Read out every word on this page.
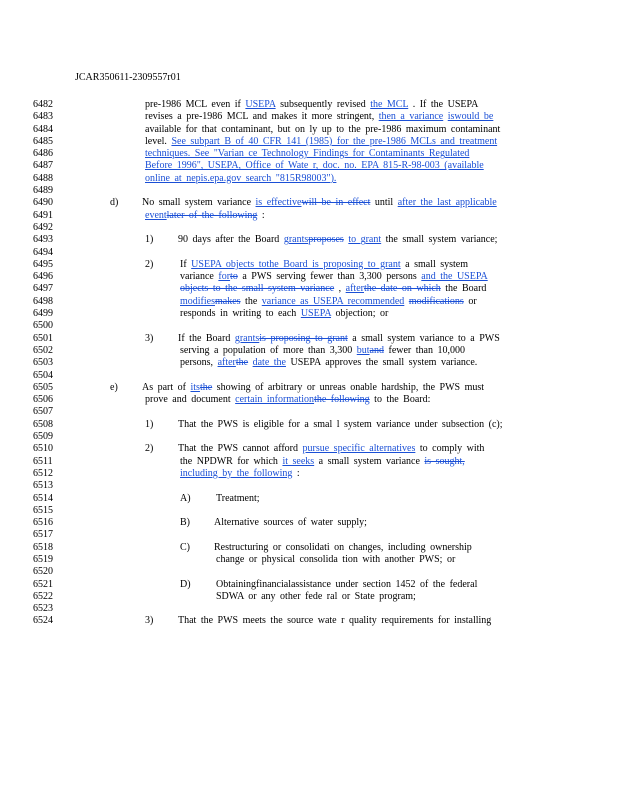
JCAR350611-2309557r01
6482	pre-1986 MCL even if USEPA subsequently revised the MCL . If the USEPA
6483	revises a pre-1986 MCL and makes it more stringent, then a variance iswould be
6484	available for that contaminant, but on ly up to the pre-1986 maximum contaminant
6485	level. See subpart B of 40 CFR 141 (1985) for the pre-1986 MCLs and treatment
6486	techniques. See "Varian ce Technology Findings for Contaminants Regulated
6487	Before 1996", USEPA, Office of Wate r, doc. no. EPA 815-R-98-003 (available
6488	online at nepis.epa.gov search "815R98003").
6489
6490	d) No small system variance is effectivewill be in effect until after the last applicable
6491	eventlater of the following :
6492
6493	1) 90 days after the Board grantsproposes to grant the small system variance;
6494
6495	2)	If USEPA objects tothe Board is proposing to grant a small system
6496	variance forto a PWS serving fewer than 3,300 persons and the USEPA
6497	objects to the small system variance , afterthe date on which the Board
6498	modifiesmakes the variance as USEPA recommended modifications or
6499	responds in writing to each USEPA objection; or
6500
6501	3) If the Board grantsis proposing to grant a small system variance to a PWS
6502	serving a population of more than 3,300 butand fewer than 10,000
6503	persons, afterthe date the USEPA approves the small system variance.
6504
6505	e) As part of itsthe showing of arbitrary or unreas onable hardship, the PWS must
6506	prove and document certain informationthe following to the Board:
6507
6508	1) That the PWS is eligible for a smal l system variance under subsection (c);
6509
6510	2) That the PWS cannot afford pursue specific alternatives to comply with
6511	the NPDWR for which it seeks a small system variance is sought,
6512	including by the following :
6513
6514	A)	Treatment;
6515
6516	B) Alternative sources of water supply;
6517
6518	C) Restructuring or consolidati on changes, including ownership
6519	change or physical consolida tion with another PWS; or
6520
6521	D)	Obtainingfinancialassistance under section 1452 of the federal
6522	SDWA or any other fede ral or State program;
6523
6524	3) That the PWS meets the source wate r quality requirements for installing
